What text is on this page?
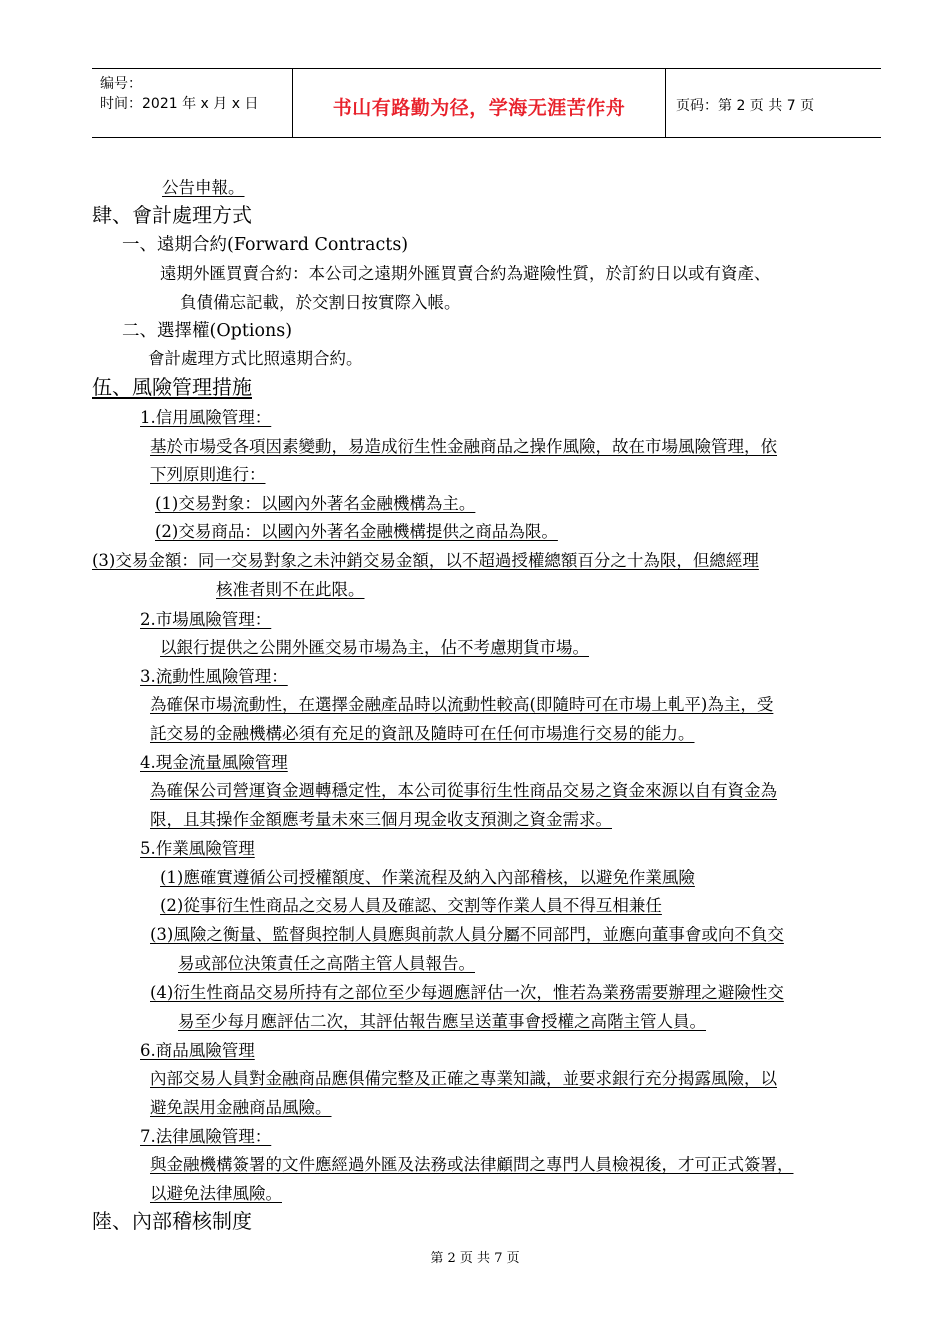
编号：
时间：2021 年 x 月 x 日	书山有路勤为径，学海无涯苦作舟	页码：第 2 页 共 7 页
公告申報。
肆、會計處理方式
一、遠期合約(Forward Contracts)
遠期外匯買賣合約：本公司之遠期外匯買賣合約為避險性質，於訂約日以或有資產、
負債備忘記載，於交割日按實際入帳。
二、選擇權(Options)
會計處理方式比照遠期合約。
伍、風險管理措施
1.信用風險管理：
基於市場受各項因素變動，易造成衍生性金融商品之操作風險，故在市場風險管理，依
下列原則進行：
(1)交易對象：以國內外著名金融機構為主。
(2)交易商品：以國內外著名金融機構提供之商品為限。
(3)交易金額：同一交易對象之未沖銷交易金額，以不超過授權總額百分之十為限，但總經理
核准者則不在此限。
2.市場風險管理：
以銀行提供之公開外匯交易市場為主，佔不考慮期貨市場。
3.流動性風險管理：
為確保市場流動性，在選擇金融產品時以流動性較高(即隨時可在市場上軋平)為主，受
託交易的金融機構必須有充足的資訊及隨時可在任何市場進行交易的能力。
4.現金流量風險管理
為確保公司營運資金週轉穩定性，本公司從事衍生性商品交易之資金來源以自有資金為
限，且其操作金額應考量未來三個月現金收支預測之資金需求。
5.作業風險管理
(1)應確實遵循公司授權額度、作業流程及納入內部稽核，以避免作業風險
(2)從事衍生性商品之交易人員及確認、交割等作業人員不得互相兼任
(3)風險之衡量、監督與控制人員應與前款人員分屬不同部門，並應向董事會或向不負交
易或部位決策責任之高階主管人員報告。
(4)衍生性商品交易所持有之部位至少每週應評估一次，惟若為業務需要辦理之避險性交
易至少每月應評估二次，其評估報告應呈送董事會授權之高階主管人員。
6.商品風險管理
內部交易人員對金融商品應俱備完整及正確之專業知識，並要求銀行充分揭露風險，以
避免誤用金融商品風險。
7.法律風險管理：
與金融機構簽署的文件應經過外匯及法務或法律顧問之專門人員檢視後，才可正式簽署，
以避免法律風險。
陸、內部稽核制度
第 2 页 共 7 页
